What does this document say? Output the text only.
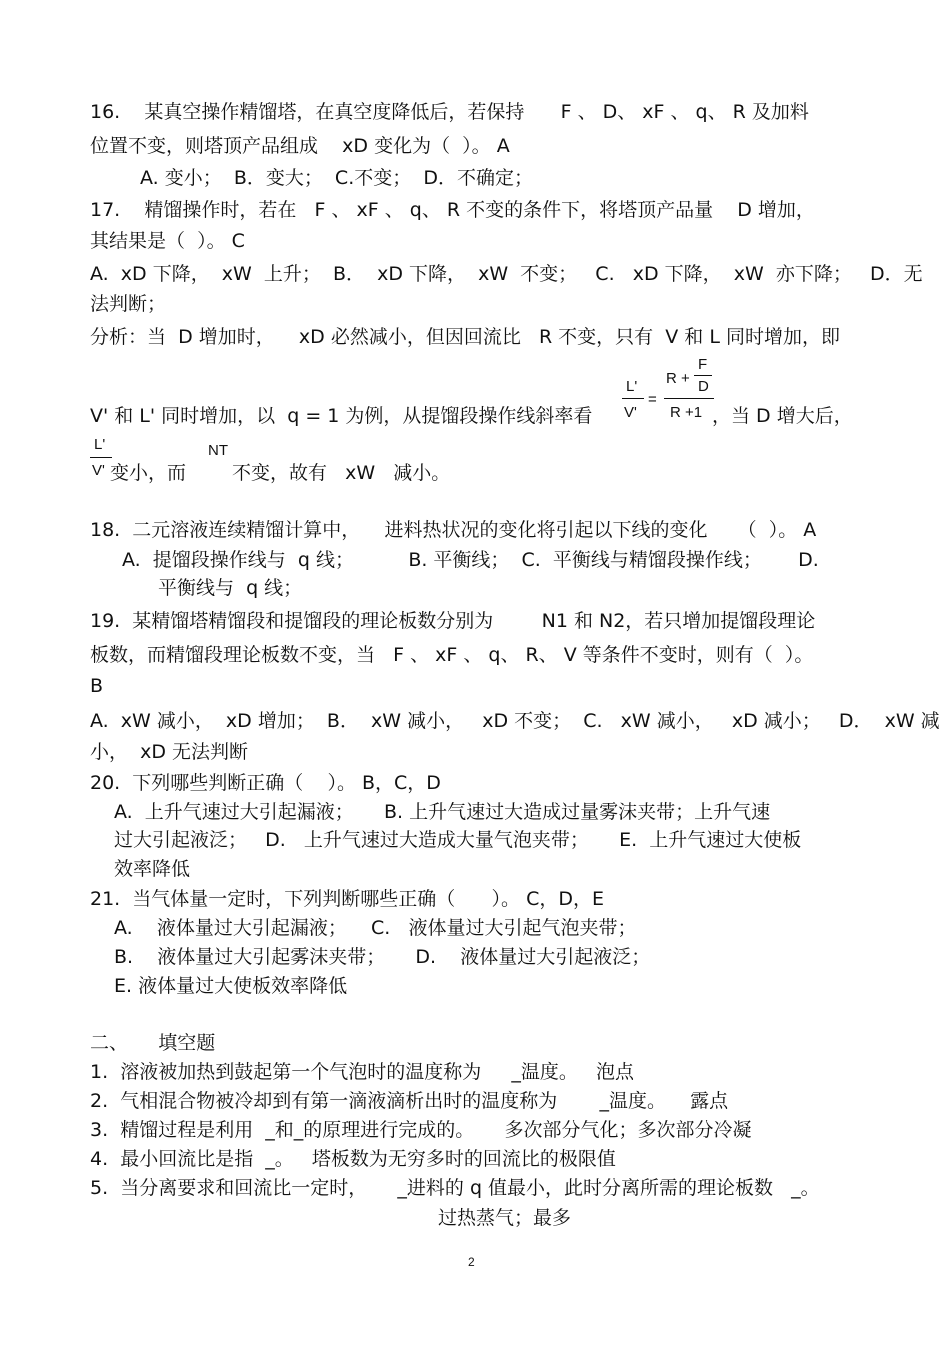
16.    某真空操作精馏塔，在真空度降低后，若保持      F 、 D、 xF 、 q、 R 及加料
位置不变，则塔顶产品组成    xD 变化为（  ）。 A
A. 变小；  B．变大；  C.不变；  D．不确定；
17.    精馏操作时，若在   F 、 xF 、 q、 R 不变的条件下，将塔顶产品量    D 增加，
其结果是（  ）。 C
A.  xD 下降，  xW  上升；  B．  xD 下降，  xW  不变；   C.   xD 下降，  xW  亦下降；   D．无
法判断；
分析：当  D 增加时，    xD 必然减小，但因回流比   R 不变，只有  V 和 L 同时增加，即
V' 和 L' 同时增加，以  q = 1 为例，从提馏段操作线斜率看	，当 D 增大后，
变小，而 不变，故有   xW   减小。
18.  二元溶液连续精馏计算中，    进料热状况的变化将引起以下线的变化     （  ）。 A
A.  提馏段操作线与  q 线；         B. 平衡线；  C.  平衡线与精馏段操作线；      D.
平衡线与  q 线；
19.  某精馏塔精馏段和提馏段的理论板数分别为        N1 和 N2，若只增加提馏段理论
板数，而精馏段理论板数不变，当   F 、 xF 、 q、 R、 V 等条件不变时，则有（  ）。
B
A.  xW 减小，  xD 增加；  B．  xW 减小，   xD 不变；  C.   xW 减小，   xD 减小；   D．  xW 减
小，  xD 无法判断
20.  下列哪些判断正确（    ）。 B，C，D
A.  上升气速过大引起漏液；     B. 上升气速过大造成过量雾沫夹带；上升气速
过大引起液泛；   D.   上升气速过大造成大量气泡夹带；     E.  上升气速过大使板
效率降低
21.  当气体量一定时，下列判断哪些正确（      ）。 C，D，E
A.    液体量过大引起漏液；    C.   液体量过大引起气泡夹带；
B.    液体量过大引起雾沫夹带；     D.    液体量过大引起液泛；
E. 液体量过大使板效率降低
二、     填空题
1.  溶液被加热到鼓起第一个气泡时的温度称为     _温度。   泡点
2.  气相混合物被冷却到有第一滴液滴析出时的温度称为       _温度。    露点
3.  精馏过程是利用  _和_的原理进行完成的。     多次部分气化；多次部分冷凝
4.  最小回流比是指  _。   塔板数为无穷多时的回流比的极限值
5.  当分离要求和回流比一定时，     _进料的 q 值最小，此时分离所需的理论板数   _。
过热蒸气；最多
L'
V'
=
R +
F
D
R +1
L'
V'
NT
2
